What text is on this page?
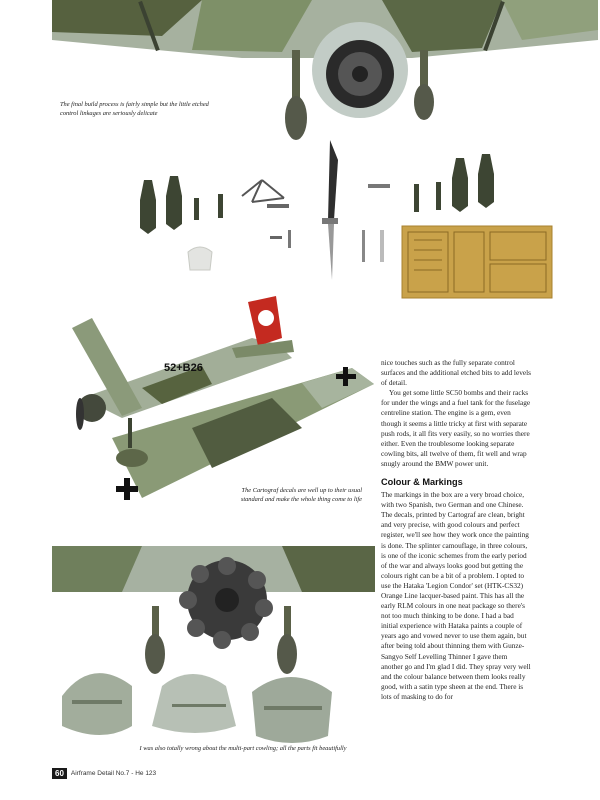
52+B26
The final build process is fairly simple but the little etched control linkages are seriously delicate
The Cartograf decals are well up to their usual standard and make the whole thing come to life
I was also totally wrong about the multi-part cowling; all the parts fit beautifully

nice touches such as the fully separate control surfaces and the additional etched bits to add levels of detail.

You get some little SC50 bombs and their racks for under the wings and a fuel tank for the fuselage centreline station. The engine is a gem, even though it seems a little tricky at first with separate push rods, it all fits very easily, so no worries there either. Even the troublesome looking separate cowling bits, all twelve of them, fit well and wrap snugly around the BMW power unit.

Colour & Markings

The markings in the box are a very broad choice, with two Spanish, two German and one Chinese. The decals, printed by Cartograf are clean, bright and very precise, with good colours and perfect register, we'll see how they work once the painting is done. The splinter camouflage, in three colours, is one of the iconic schemes from the early period of the war and always looks good but getting the colours right can be a bit of a problem. I opted to use the Hataka 'Legion Condor' set (HTK-CS32) Orange Line lacquer-based paint. This has all the early RLM colours in one neat package so there's not too much thinking to be done. I had a bad initial experience with Hataka paints a couple of years ago and vowed never to use them again, but after being told about thinning them with Gunze-Sangyo Self Levelling Thinner I gave them another go and I'm glad I did. They spray very well and the colour balance between them looks really good, with a satin type sheen at the end. There is lots of masking to do for

60	Airframe Detail No.7 - He 123
